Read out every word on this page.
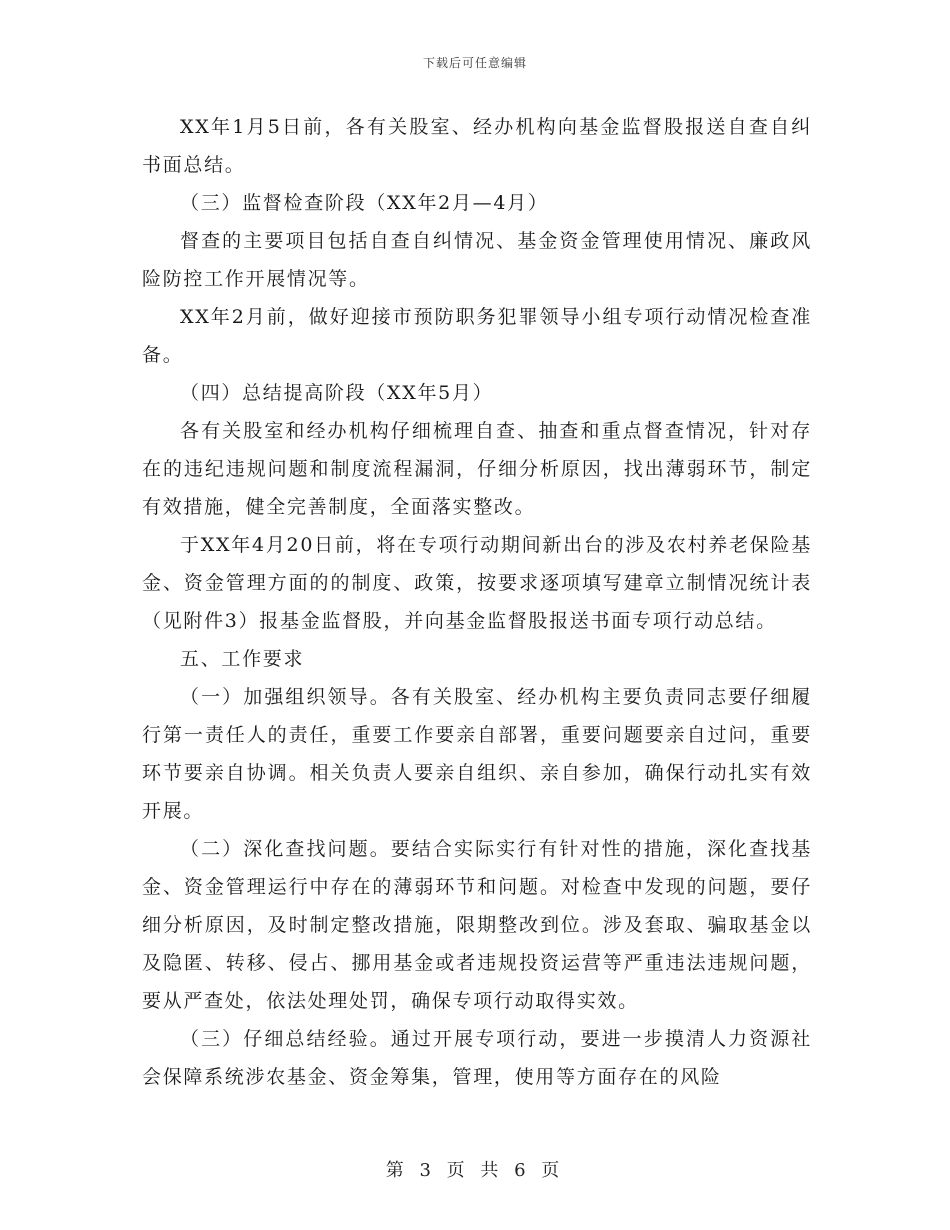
下载后可任意编辑

XX年1月5日前，各有关股室、经办机构向基金监督股报送自查自纠书面总结。

（三）监督检查阶段（XX年2月—4月）

督查的主要项目包括自查自纠情况、基金资金管理使用情况、廉政风险防控工作开展情况等。

XX年2月前，做好迎接市预防职务犯罪领导小组专项行动情况检查准备。

（四）总结提高阶段（XX年5月）

各有关股室和经办机构仔细梳理自查、抽查和重点督查情况，针对存在的违纪违规问题和制度流程漏洞，仔细分析原因，找出薄弱环节，制定有效措施，健全完善制度，全面落实整改。

于XX年4月20日前，将在专项行动期间新出台的涉及农村养老保险基金、资金管理方面的的制度、政策，按要求逐项填写建章立制情况统计表（见附件3）报基金监督股，并向基金监督股报送书面专项行动总结。

五、工作要求

（一）加强组织领导。各有关股室、经办机构主要负责同志要仔细履行第一责任人的责任，重要工作要亲自部署，重要问题要亲自过问，重要环节要亲自协调。相关负责人要亲自组织、亲自参加，确保行动扎实有效开展。

（二）深化查找问题。要结合实际实行有针对性的措施，深化查找基金、资金管理运行中存在的薄弱环节和问题。对检查中发现的问题，要仔细分析原因，及时制定整改措施，限期整改到位。涉及套取、骗取基金以及隐匿、转移、侵占、挪用基金或者违规投资运营等严重违法违规问题，要从严查处，依法处理处罚，确保专项行动取得实效。

（三）仔细总结经验。通过开展专项行动，要进一步摸清人力资源社会保障系统涉农基金、资金筹集，管理，使用等方面存在的风险

第 3 页 共 6 页
